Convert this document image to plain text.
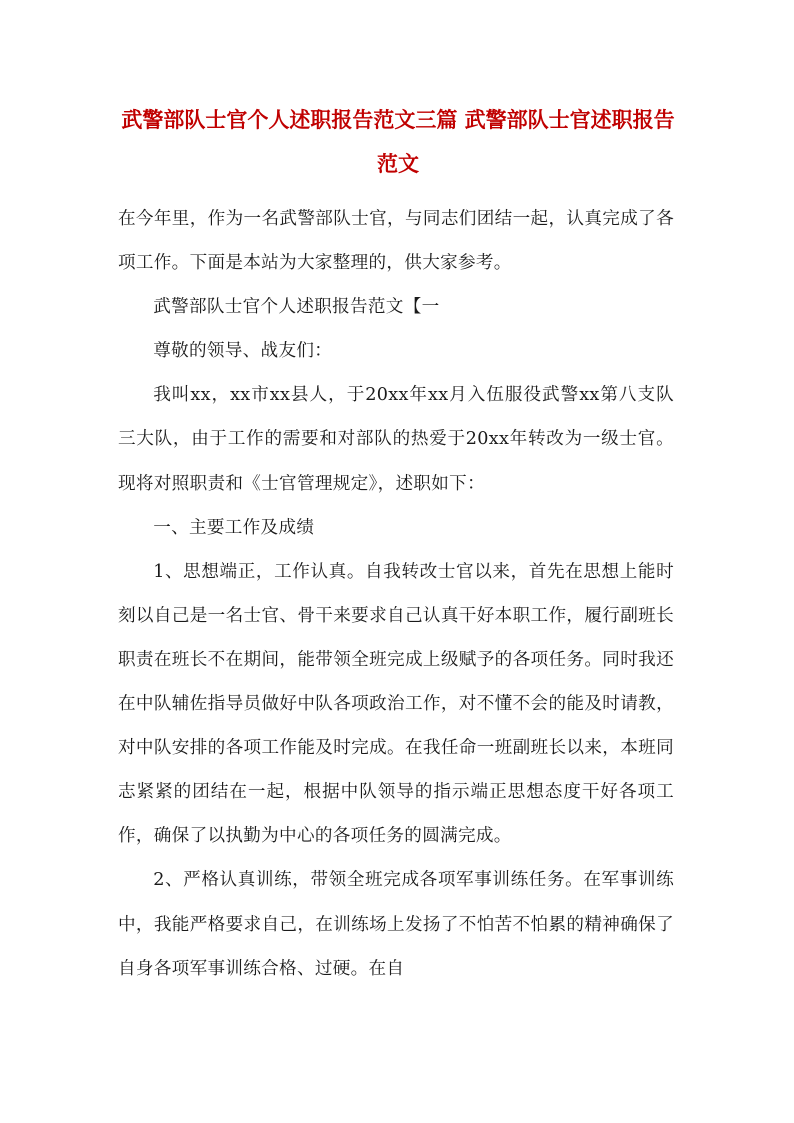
武警部队士官个人述职报告范文三篇 武警部队士官述职报告范文

在今年里，作为一名武警部队士官，与同志们团结一起，认真完成了各项工作。下面是本站为大家整理的，供大家参考。

武警部队士官个人述职报告范文【一

尊敬的领导、战友们：

我叫xx，xx市xx县人，于20xx年xx月入伍服役武警xx第八支队三大队，由于工作的需要和对部队的热爱于20xx年转改为一级士官。现将对照职责和《士官管理规定》，述职如下：

一、主要工作及成绩

1、思想端正，工作认真。自我转改士官以来，首先在思想上能时刻以自己是一名士官、骨干来要求自己认真干好本职工作，履行副班长职责在班长不在期间，能带领全班完成上级赋予的各项任务。同时我还在中队辅佐指导员做好中队各项政治工作，对不懂不会的能及时请教，对中队安排的各项工作能及时完成。在我任命一班副班长以来，本班同志紧紧的团结在一起，根据中队领导的指示端正思想态度干好各项工作，确保了以执勤为中心的各项任务的圆满完成。

2、严格认真训练，带领全班完成各项军事训练任务。在军事训练中，我能严格要求自己，在训练场上发扬了不怕苦不怕累的精神确保了自身各项军事训练合格、过硬。在自
